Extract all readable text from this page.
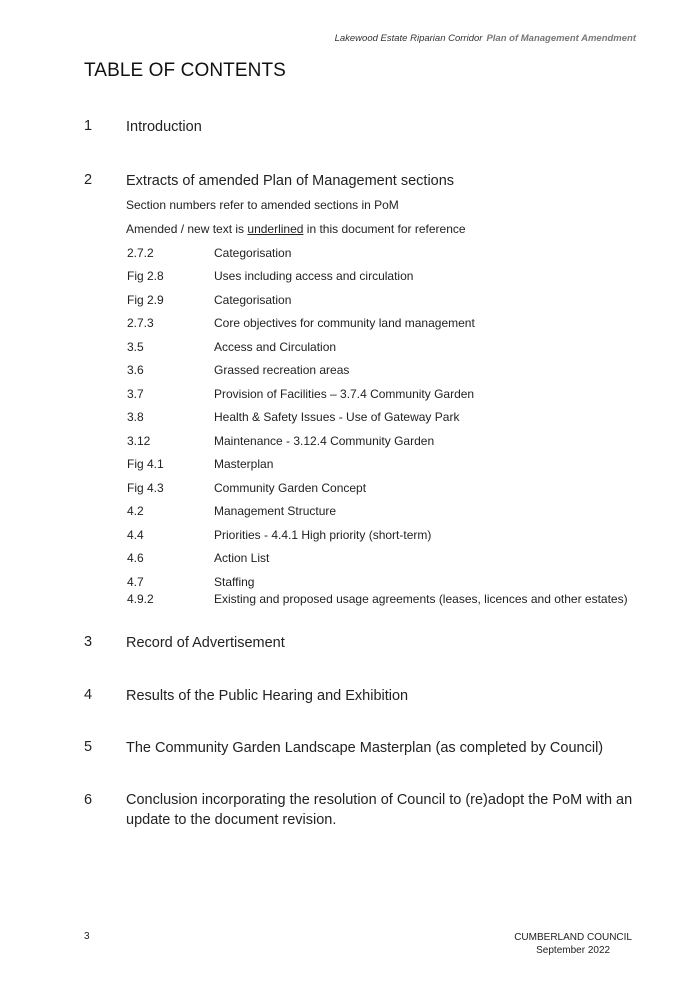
Lakewood Estate Riparian Corridor Plan of Management Amendment
TABLE OF CONTENTS
1 Introduction
2 Extracts of amended Plan of Management sections
Section numbers refer to amended sections in PoM
Amended / new text is underlined in this document for reference
2.7.2	Categorisation
Fig 2.8	Uses including access and circulation
Fig 2.9	Categorisation
2.7.3	Core objectives for community land management
3.5	Access and Circulation
3.6	Grassed recreation areas
3.7	Provision of Facilities – 3.7.4 Community Garden
3.8	Health & Safety Issues - Use of Gateway Park
3.12	Maintenance - 3.12.4 Community Garden
Fig 4.1	Masterplan
Fig 4.3	Community Garden Concept
4.2	Management Structure
4.4	Priorities - 4.4.1 High priority (short-term)
4.6	Action List
4.7	Staffing
4.9.2	Existing and proposed usage agreements (leases, licences and other estates)
3 Record of Advertisement
4 Results of the Public Hearing and Exhibition
5 The Community Garden Landscape Masterplan (as completed by Council)
6 Conclusion incorporating the resolution of Council to (re)adopt the PoM with an update to the document revision.
3	CUMBERLAND COUNCIL
September 2022
